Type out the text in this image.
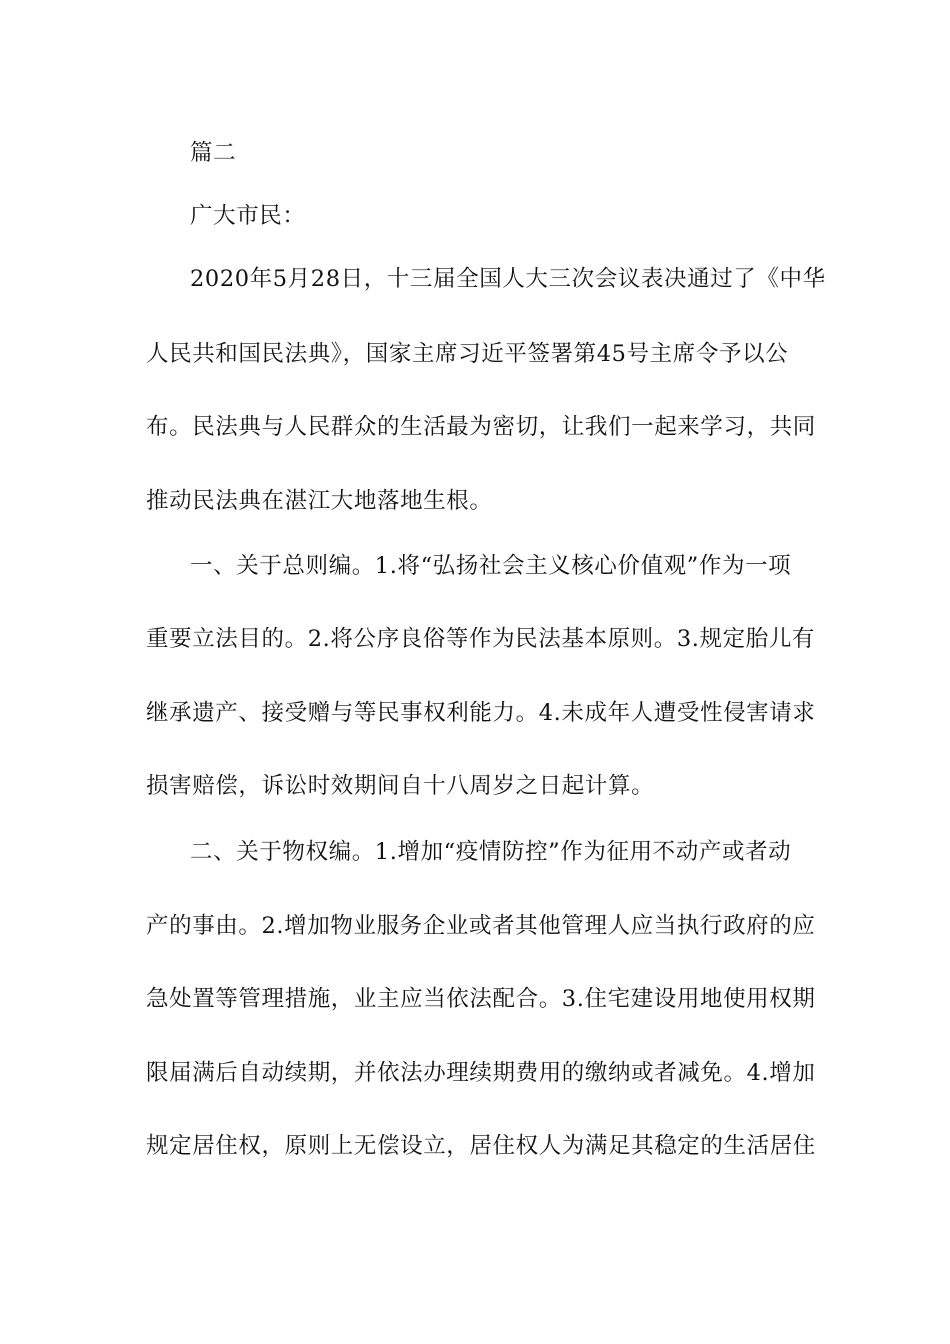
篇二
广大市民：
2020年5月28日，十三届全国人大三次会议表决通过了《中华
人民共和国民法典》，国家主席习近平签署第45号主席令予以公
布。民法典与人民群众的生活最为密切，让我们一起来学习，共同
推动民法典在湛江大地落地生根。
一、关于总则编。1.将“弘扬社会主义核心价值观”作为一项
重要立法目的。2.将公序良俗等作为民法基本原则。3.规定胎儿有
继承遗产、接受赠与等民事权利能力。4.未成年人遭受性侵害请求
损害赔偿，诉讼时效期间自十八周岁之日起计算。
二、关于物权编。1.增加“疫情防控”作为征用不动产或者动
产的事由。2.增加物业服务企业或者其他管理人应当执行政府的应
急处置等管理措施，业主应当依法配合。3.住宅建设用地使用权期
限届满后自动续期，并依法办理续期费用的缴纳或者减免。4.增加
规定居住权，原则上无偿设立，居住权人为满足其稳定的生活居住
